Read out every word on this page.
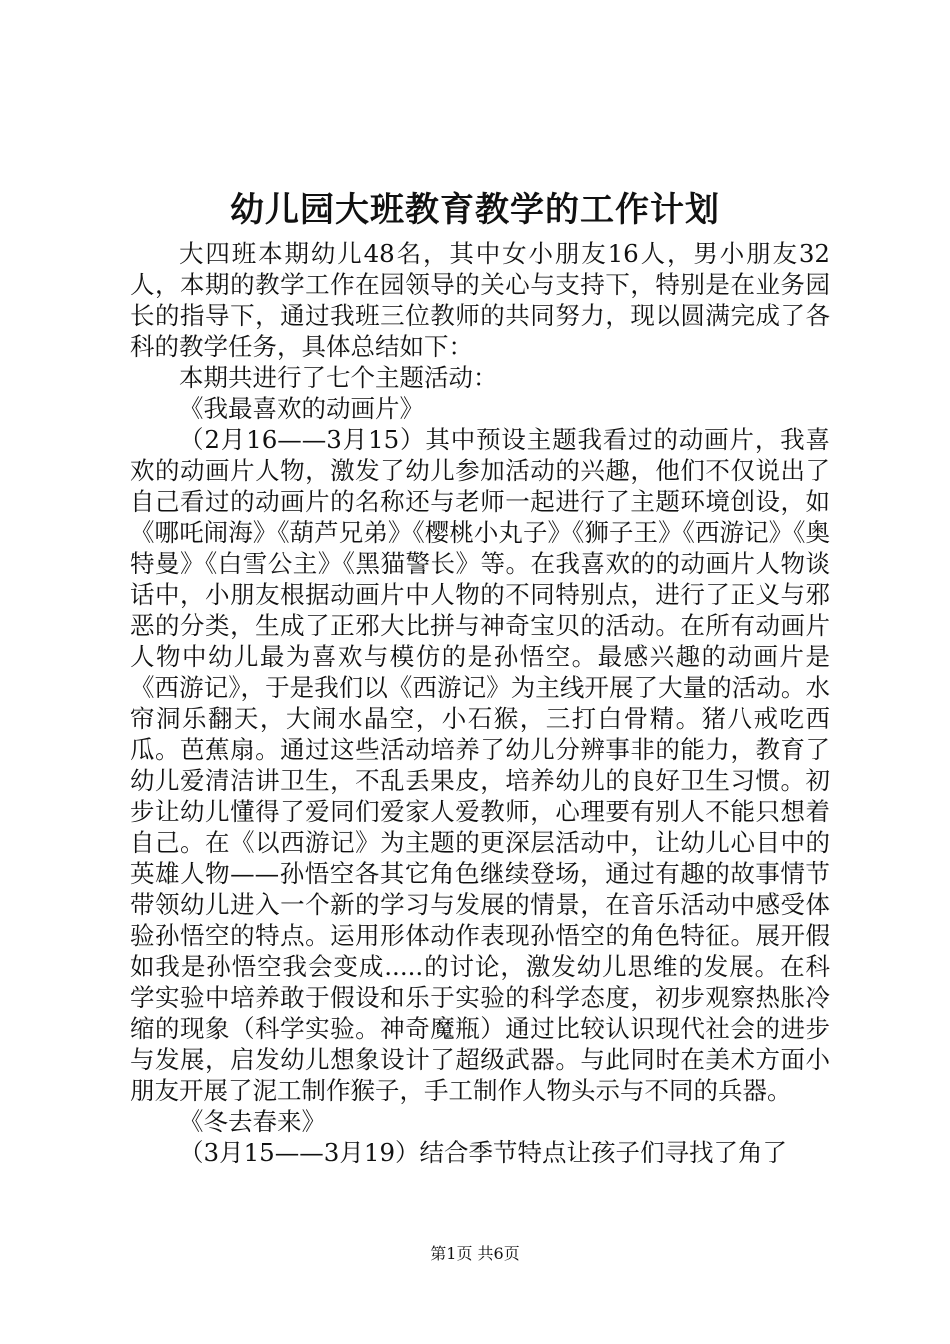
幼儿园大班教育教学的工作计划

大四班本期幼儿48名，其中女小朋友16人，男小朋友32人，本期的教学工作在园领导的关心与支持下，特别是在业务园长的指导下，通过我班三位教师的共同努力，现以圆满完成了各科的教学任务，具体总结如下：

本期共进行了七个主题活动：

《我最喜欢的动画片》

（2月16——3月15）其中预设主题我看过的动画片，我喜欢的动画片人物，激发了幼儿参加活动的兴趣，他们不仅说出了自己看过的动画片的名称还与老师一起进行了主题环境创设，如《哪吒闹海》《葫芦兄弟》《樱桃小丸子》《狮子王》《西游记》《奥特曼》《白雪公主》《黑猫警长》等。在我喜欢的的动画片人物谈话中，小朋友根据动画片中人物的不同特别点，进行了正义与邪恶的分类，生成了正邪大比拼与神奇宝贝的活动。在所有动画片人物中幼儿最为喜欢与模仿的是孙悟空。最感兴趣的动画片是《西游记》，于是我们以《西游记》为主线开展了大量的活动。水帘洞乐翻天，大闹水晶空，小石猴，三打白骨精。猪八戒吃西瓜。芭蕉扇。通过这些活动培养了幼儿分辨事非的能力，教育了幼儿爱清洁讲卫生，不乱丢果皮，培养幼儿的良好卫生习惯。初步让幼儿懂得了爱同们爱家人爱教师，心理要有别人不能只想着自己。在《以西游记》为主题的更深层活动中，让幼儿心目中的英雄人物——孙悟空各其它角色继续登场，通过有趣的故事情节带领幼儿进入一个新的学习与发展的情景，在音乐活动中感受体验孙悟空的特点。运用形体动作表现孙悟空的角色特征。展开假如我是孙悟空我会变成.....的讨论，激发幼儿思维的发展。在科学实验中培养敢于假设和乐于实验的科学态度，初步观察热胀冷缩的现象（科学实验。神奇魔瓶）通过比较认识现代社会的进步与发展，启发幼儿想象设计了超级武器。与此同时在美术方面小朋友开展了泥工制作猴子，手工制作人物头示与不同的兵器。

《冬去春来》

（3月15——3月19）结合季节特点让孩子们寻找了角了

第1页 共6页
